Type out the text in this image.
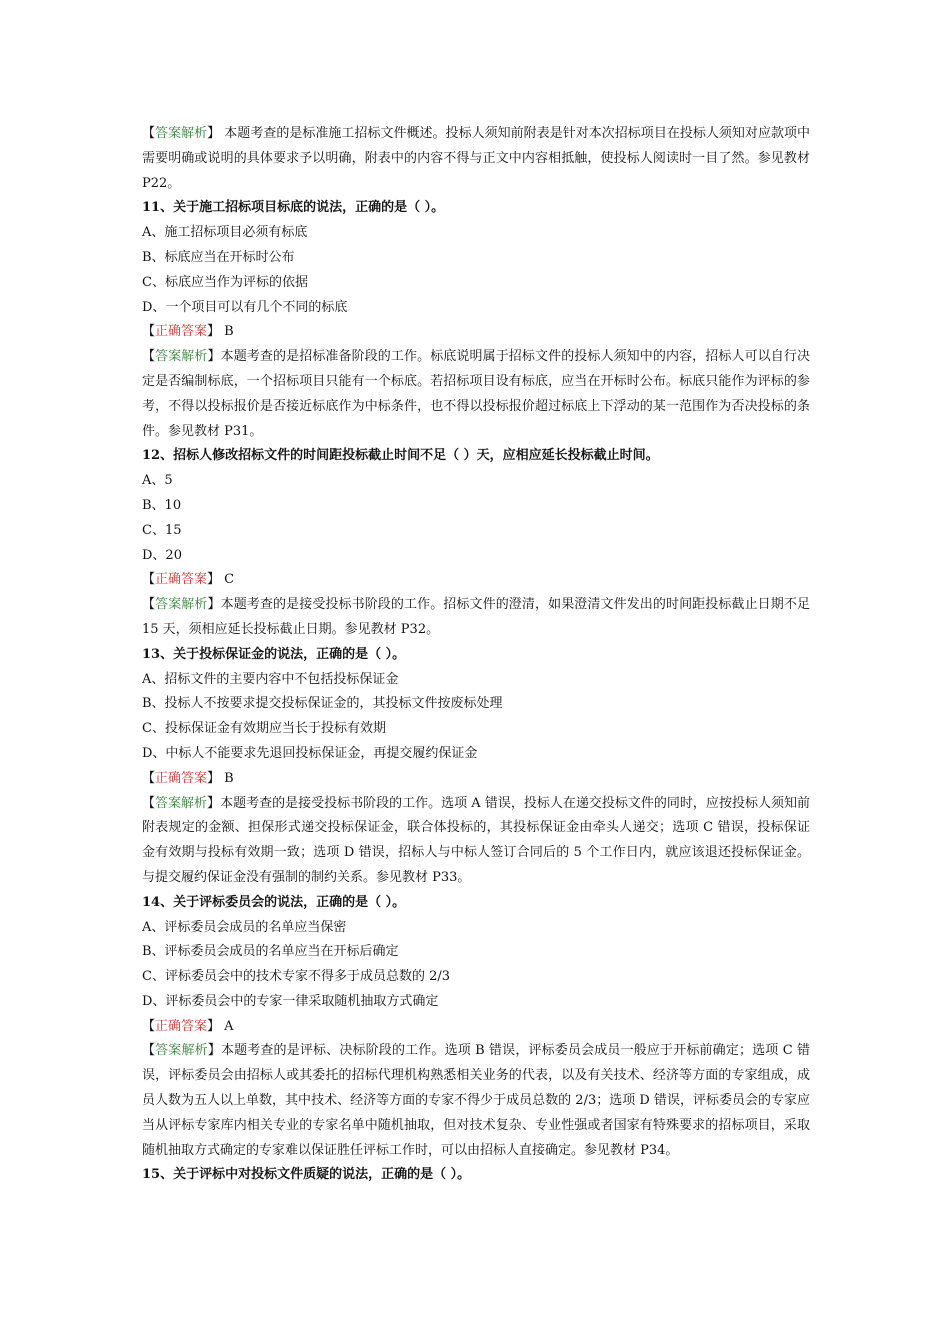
【答案解析】 本题考查的是标准施工招标文件概述。投标人须知前附表是针对本次招标项目在投标人须知对应款项中需要明确或说明的具体要求予以明确，附表中的内容不得与正文中内容相抵触，使投标人阅读时一目了然。参见教材 P22。
11、关于施工招标项目标底的说法，正确的是（ ）。
A、施工招标项目必须有标底
B、标底应当在开标时公布
C、标底应当作为评标的依据
D、一个项目可以有几个不同的标底
【正确答案】 B
【答案解析】本题考查的是招标准备阶段的工作。标底说明属于招标文件的投标人须知中的内容，招标人可以自行决定是否编制标底，一个招标项目只能有一个标底。若招标项目设有标底，应当在开标时公布。标底只能作为评标的参考，不得以投标报价是否接近标底作为中标条件，也不得以投标报价超过标底上下浮动的某一范围作为否决投标的条件。参见教材 P31。
12、招标人修改招标文件的时间距投标截止时间不足（ ）天，应相应延长投标截止时间。
A、5
B、10
C、15
D、20
【正确答案】 C
【答案解析】本题考查的是接受投标书阶段的工作。招标文件的澄清，如果澄清文件发出的时间距投标截止日期不足 15 天，须相应延长投标截止日期。参见教材 P32。
13、关于投标保证金的说法，正确的是（ ）。
A、招标文件的主要内容中不包括投标保证金
B、投标人不按要求提交投标保证金的，其投标文件按废标处理
C、投标保证金有效期应当长于投标有效期
D、中标人不能要求先退回投标保证金，再提交履约保证金
【正确答案】 B
【答案解析】本题考查的是接受投标书阶段的工作。选项 A 错误，投标人在递交投标文件的同时，应按投标人须知前附表规定的金额、担保形式递交投标保证金，联合体投标的，其投标保证金由牵头人递交；选项 C 错误，投标保证金有效期与投标有效期一致；选项 D 错误，招标人与中标人签订合同后的 5 个工作日内，就应该退还投标保证金。与提交履约保证金没有强制的制约关系。参见教材 P33。
14、关于评标委员会的说法，正确的是（ ）。
A、评标委员会成员的名单应当保密
B、评标委员会成员的名单应当在开标后确定
C、评标委员会中的技术专家不得多于成员总数的 2/3
D、评标委员会中的专家一律采取随机抽取方式确定
【正确答案】 A
【答案解析】本题考查的是评标、决标阶段的工作。选项 B 错误，评标委员会成员一般应于开标前确定；选项 C 错误，评标委员会由招标人或其委托的招标代理机构熟悉相关业务的代表，以及有关技术、经济等方面的专家组成，成员人数为五人以上单数，其中技术、经济等方面的专家不得少于成员总数的 2/3；选项 D 错误，评标委员会的专家应当从评标专家库内相关专业的专家名单中随机抽取，但对技术复杂、专业性强或者国家有特殊要求的招标项目，采取随机抽取方式确定的专家难以保证胜任评标工作时，可以由招标人直接确定。参见教材 P34。
15、关于评标中对投标文件质疑的说法，正确的是（ ）。
